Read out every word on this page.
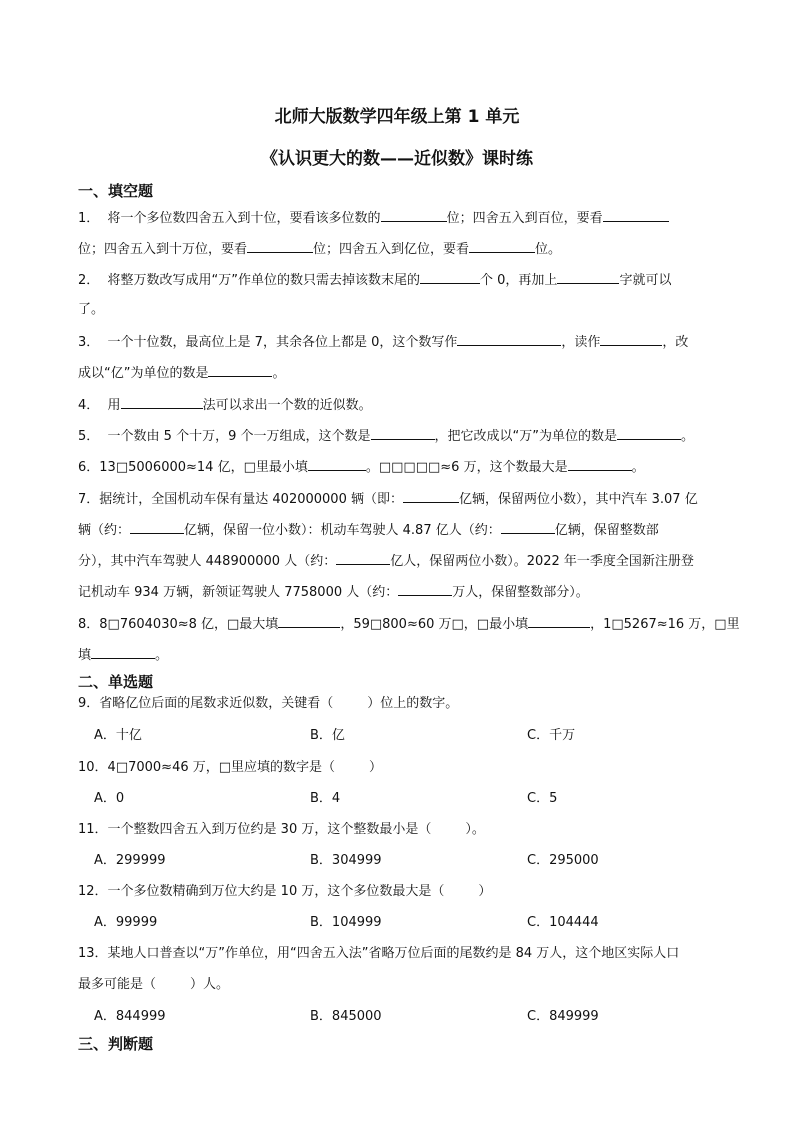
北师大版数学四年级上第 1 单元
《认识更大的数——近似数》课时练
一、填空题
1． 将一个多位数四舍五入到十位，要看该多位数的	位；四舍五入到百位，要看
位；四舍五入到十万位，要看	位；四舍五入到亿位，要看	位。
2． 将整万数改写成用“万”作单位的数只需去掉该数末尾的	个 0，再加上	字就可以
了。
3． 一个十位数，最高位上是 7，其余各位上都是 0，这个数写作	，读作	，改
成以“亿”为单位的数是	。
4． 用	法可以求出一个数的近似数。
5． 一个数由 5 个十万，9 个一万组成，这个数是	，把它改成以“万”为单位的数是	。
6．13□5006000≈14 亿，□里最小填	。□□□□□≈6 万，这个数最大是	。
7．据统计，全国机动车保有量达 402000000 辆（即：	亿辆，保留两位小数），其中汽车 3.07 亿
辆（约：	亿辆，保留一位小数）：机动车驾驶人 4.87 亿人（约：	亿辆，保留整数部
分），其中汽车驾驶人 448900000 人（约：	亿人，保留两位小数）。2022 年一季度全国新注册登
记机动车 934 万辆，新领证驾驶人 7758000 人（约：	万人，保留整数部分）。
8．8□7604030≈8 亿，□最大填	，59□800≈60 万□，□最小填	，1□5267≈16 万，□里
填	。
二、单选题
9．省略亿位后面的尾数求近似数，关键看（	）位上的数字。
A．十亿	B．亿	C．千万
10．4□7000≈46 万，□里应填的数字是（	）
A．0	B．4	C．5
11．一个整数四舍五入到万位约是 30 万，这个整数最小是（	）。
A．299999	B．304999	C．295000
12．一个多位数精确到万位大约是 10 万，这个多位数最大是（	）
A．99999	B．104999	C．104444
13．某地人口普查以“万”作单位，用“四舍五入法”省略万位后面的尾数约是 84 万人，这个地区实际人口
最多可能是（	）人。
A．844999	B．845000	C．849999
三、判断题
